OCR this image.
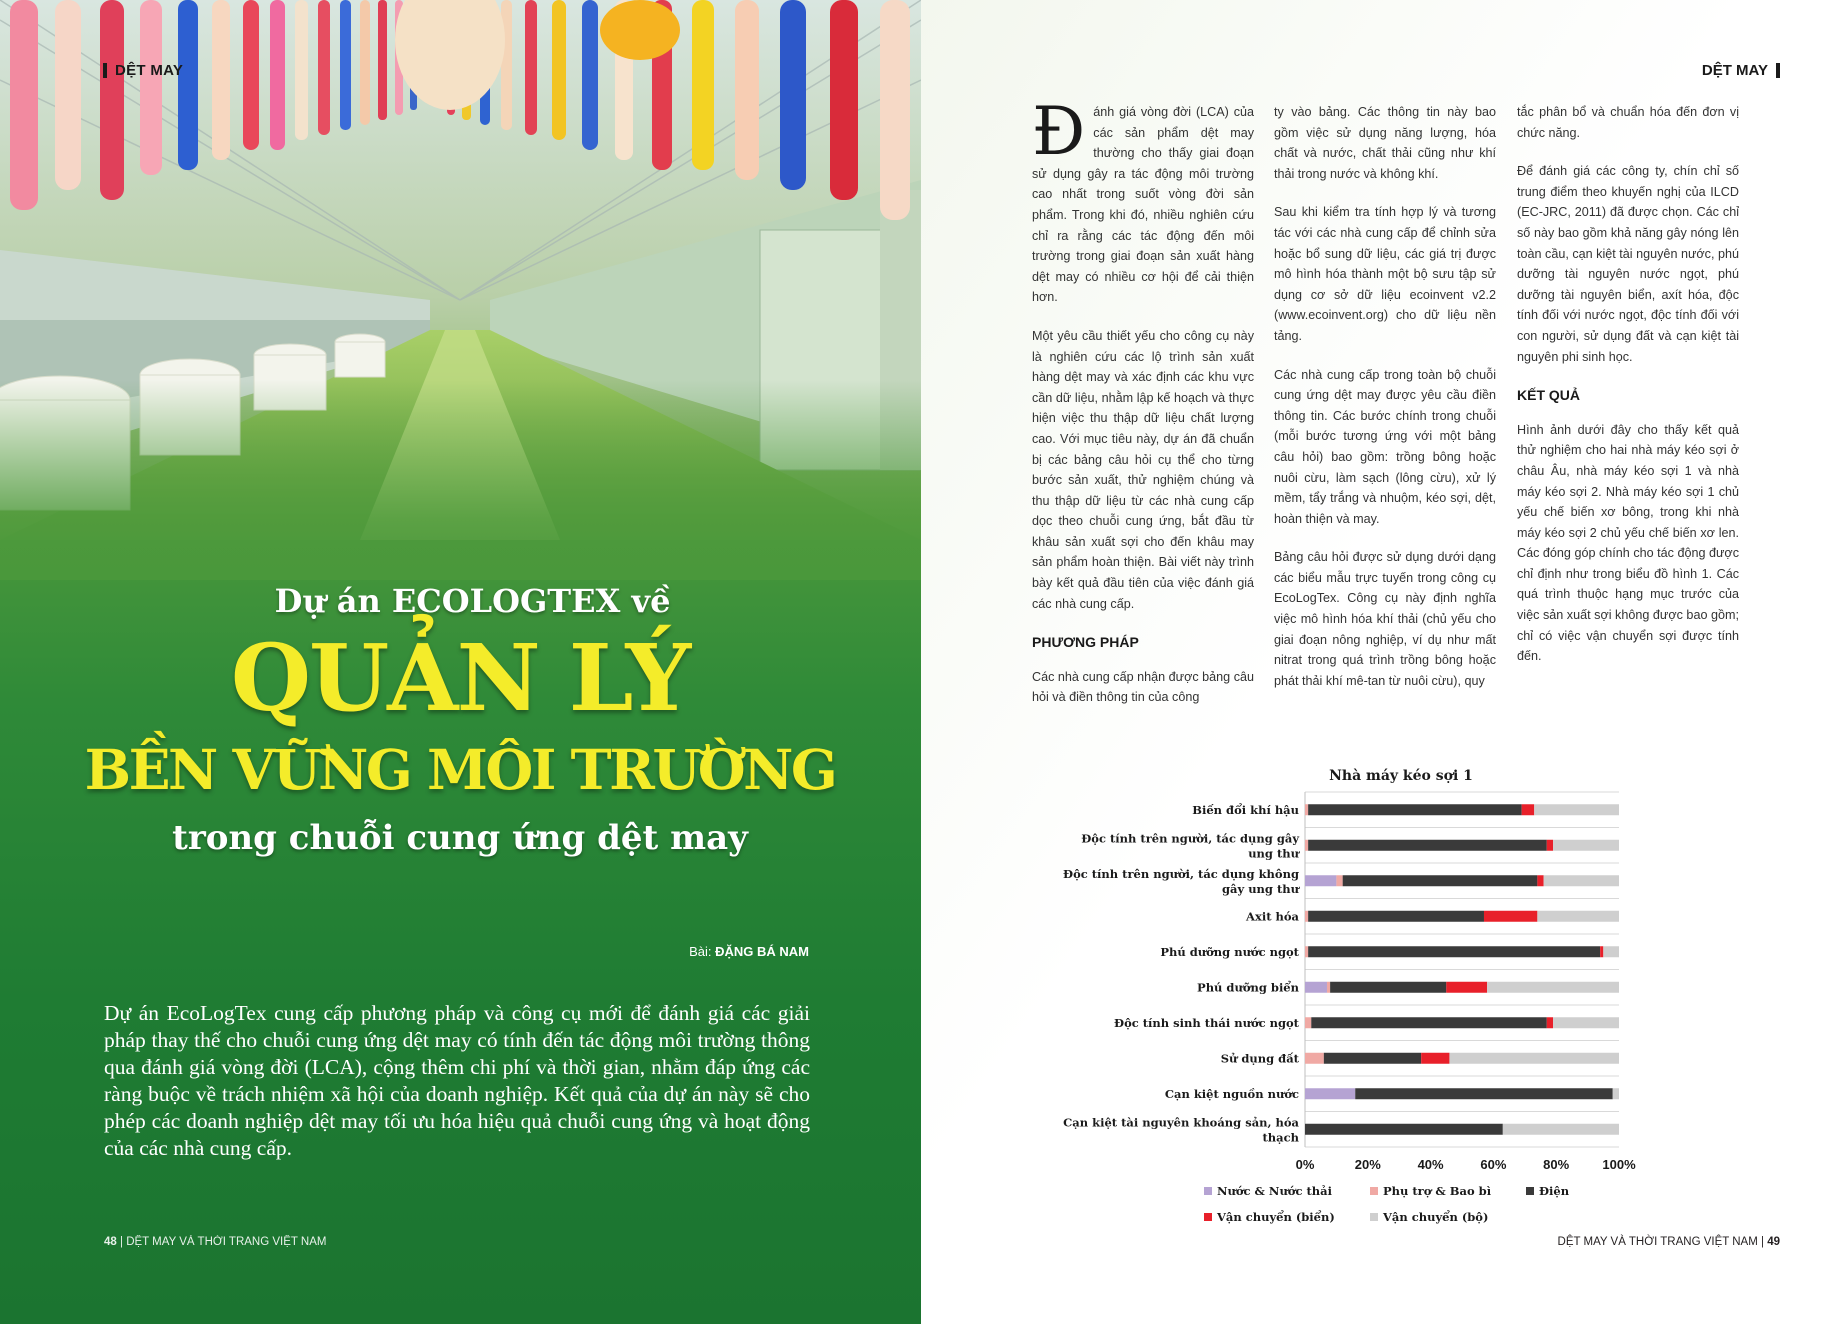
DỆT MAY
Dự án ECOLOGTEX về
QUẢN LÝ
BỀN VỮNG MÔI TRƯỜNG
trong chuỗi cung ứng dệt may
Bài: ĐẶNG BÁ NAM
Dự án EcoLogTex cung cấp phương pháp và công cụ mới để đánh giá các giải pháp thay thế cho chuỗi cung ứng dệt may có tính đến tác động môi trường thông qua đánh giá vòng đời (LCA), cộng thêm chi phí và thời gian, nhằm đáp ứng các ràng buộc về trách nhiệm xã hội của doanh nghiệp. Kết quả của dự án này sẽ cho phép các doanh nghiệp dệt may tối ưu hóa hiệu quả chuỗi cung ứng và hoạt động của các nhà cung cấp.
48 | DỆT MAY VÀ THỜI TRANG VIỆT NAM
DỆT MAY

Đánh giá vòng đời (LCA) của các sản phẩm dệt may thường cho thấy giai đoạn sử dụng gây ra tác động môi trường cao nhất trong suốt vòng đời sản phẩm. Trong khi đó, nhiều nghiên cứu chỉ ra rằng các tác động đến môi trường trong giai đoạn sản xuất hàng dệt may có nhiều cơ hội để cải thiện hơn.

Một yêu cầu thiết yếu cho công cụ này là nghiên cứu các lộ trình sản xuất hàng dệt may và xác định các khu vực cần dữ liệu, nhằm lập kế hoạch và thực hiện việc thu thập dữ liệu chất lượng cao. Với mục tiêu này, dự án đã chuẩn bị các bảng câu hỏi cụ thể cho từng bước sản xuất, thử nghiệm chúng và thu thập dữ liệu từ các nhà cung cấp dọc theo chuỗi cung ứng, bắt đầu từ khâu sản xuất sợi cho đến khâu may sản phẩm hoàn thiện. Bài viết này trình bày kết quả đầu tiên của việc đánh giá các nhà cung cấp.

PHƯƠNG PHÁP

Các nhà cung cấp nhận được bảng câu hỏi và điền thông tin của công

ty vào bảng. Các thông tin này bao gồm việc sử dụng năng lượng, hóa chất và nước, chất thải cũng như khí thải trong nước và không khí.

Sau khi kiểm tra tính hợp lý và tương tác với các nhà cung cấp để chỉnh sửa hoặc bổ sung dữ liệu, các giá trị được mô hình hóa thành một bộ sưu tập sử dụng cơ sở dữ liệu ecoinvent v2.2 (www.ecoinvent.org) cho dữ liệu nền tảng.

Các nhà cung cấp trong toàn bộ chuỗi cung ứng dệt may được yêu cầu điền thông tin. Các bước chính trong chuỗi (mỗi bước tương ứng với một bảng câu hỏi) bao gồm: trồng bông hoặc nuôi cừu, làm sạch (lông cừu), xử lý mềm, tẩy trắng và nhuộm, kéo sợi, dệt, hoàn thiện và may.

Bảng câu hỏi được sử dụng dưới dạng các biểu mẫu trực tuyến trong công cụ EcoLogTex. Công cụ này định nghĩa việc mô hình hóa khí thải (chủ yếu cho giai đoạn nông nghiệp, ví dụ như mất nitrat trong quá trình trồng bông hoặc phát thải khí mê-tan từ nuôi cừu), quy

tắc phân bổ và chuẩn hóa đến đơn vị chức năng.

Để đánh giá các công ty, chín chỉ số trung điểm theo khuyến nghị của ILCD (EC-JRC, 2011) đã được chọn. Các chỉ số này bao gồm khả năng gây nóng lên toàn cầu, cạn kiệt tài nguyên nước, phú dưỡng tài nguyên nước ngọt, phú dưỡng tài nguyên biển, axít hóa, độc tính đối với nước ngọt, độc tính đối với con người, sử dụng đất và cạn kiệt tài nguyên phi sinh học.

KẾT QUẢ

Hình ảnh dưới đây cho thấy kết quả thử nghiệm cho hai nhà máy kéo sợi ở châu Âu, nhà máy kéo sợi 1 và nhà máy kéo sợi 2. Nhà máy kéo sợi 1 chủ yếu chế biến xơ bông, trong khi nhà máy kéo sợi 2 chủ yếu chế biến xơ len. Các đóng góp chính cho tác động được chỉ định như trong biểu đồ hình 1. Các quá trình thuộc hạng mục trước của việc sản xuất sợi không được bao gồm; chỉ có việc vận chuyển sợi được tính đến.

Nhà máy kéo sợi 1
Biến đổi khí hậu
Độc tính trên người, tác dụng gây ung thư
Độc tính trên người, tác dụng không gây ung thư
Axit hóa
Phú dưỡng nước ngọt
Phú dưỡng biển
Độc tính sinh thái nước ngọt
Sử dụng đất
Cạn kiệt nguồn nước
Cạn kiệt tài nguyên khoáng sản, hóa thạch
0%	20%	40%	60%	80%	100%
Nước & Nước thải	Phụ trợ & Bao bì	Điện
Vận chuyển (biển)	Vận chuyển (bộ)
DỆT MAY VÀ THỜI TRANG VIỆT NAM | 49
